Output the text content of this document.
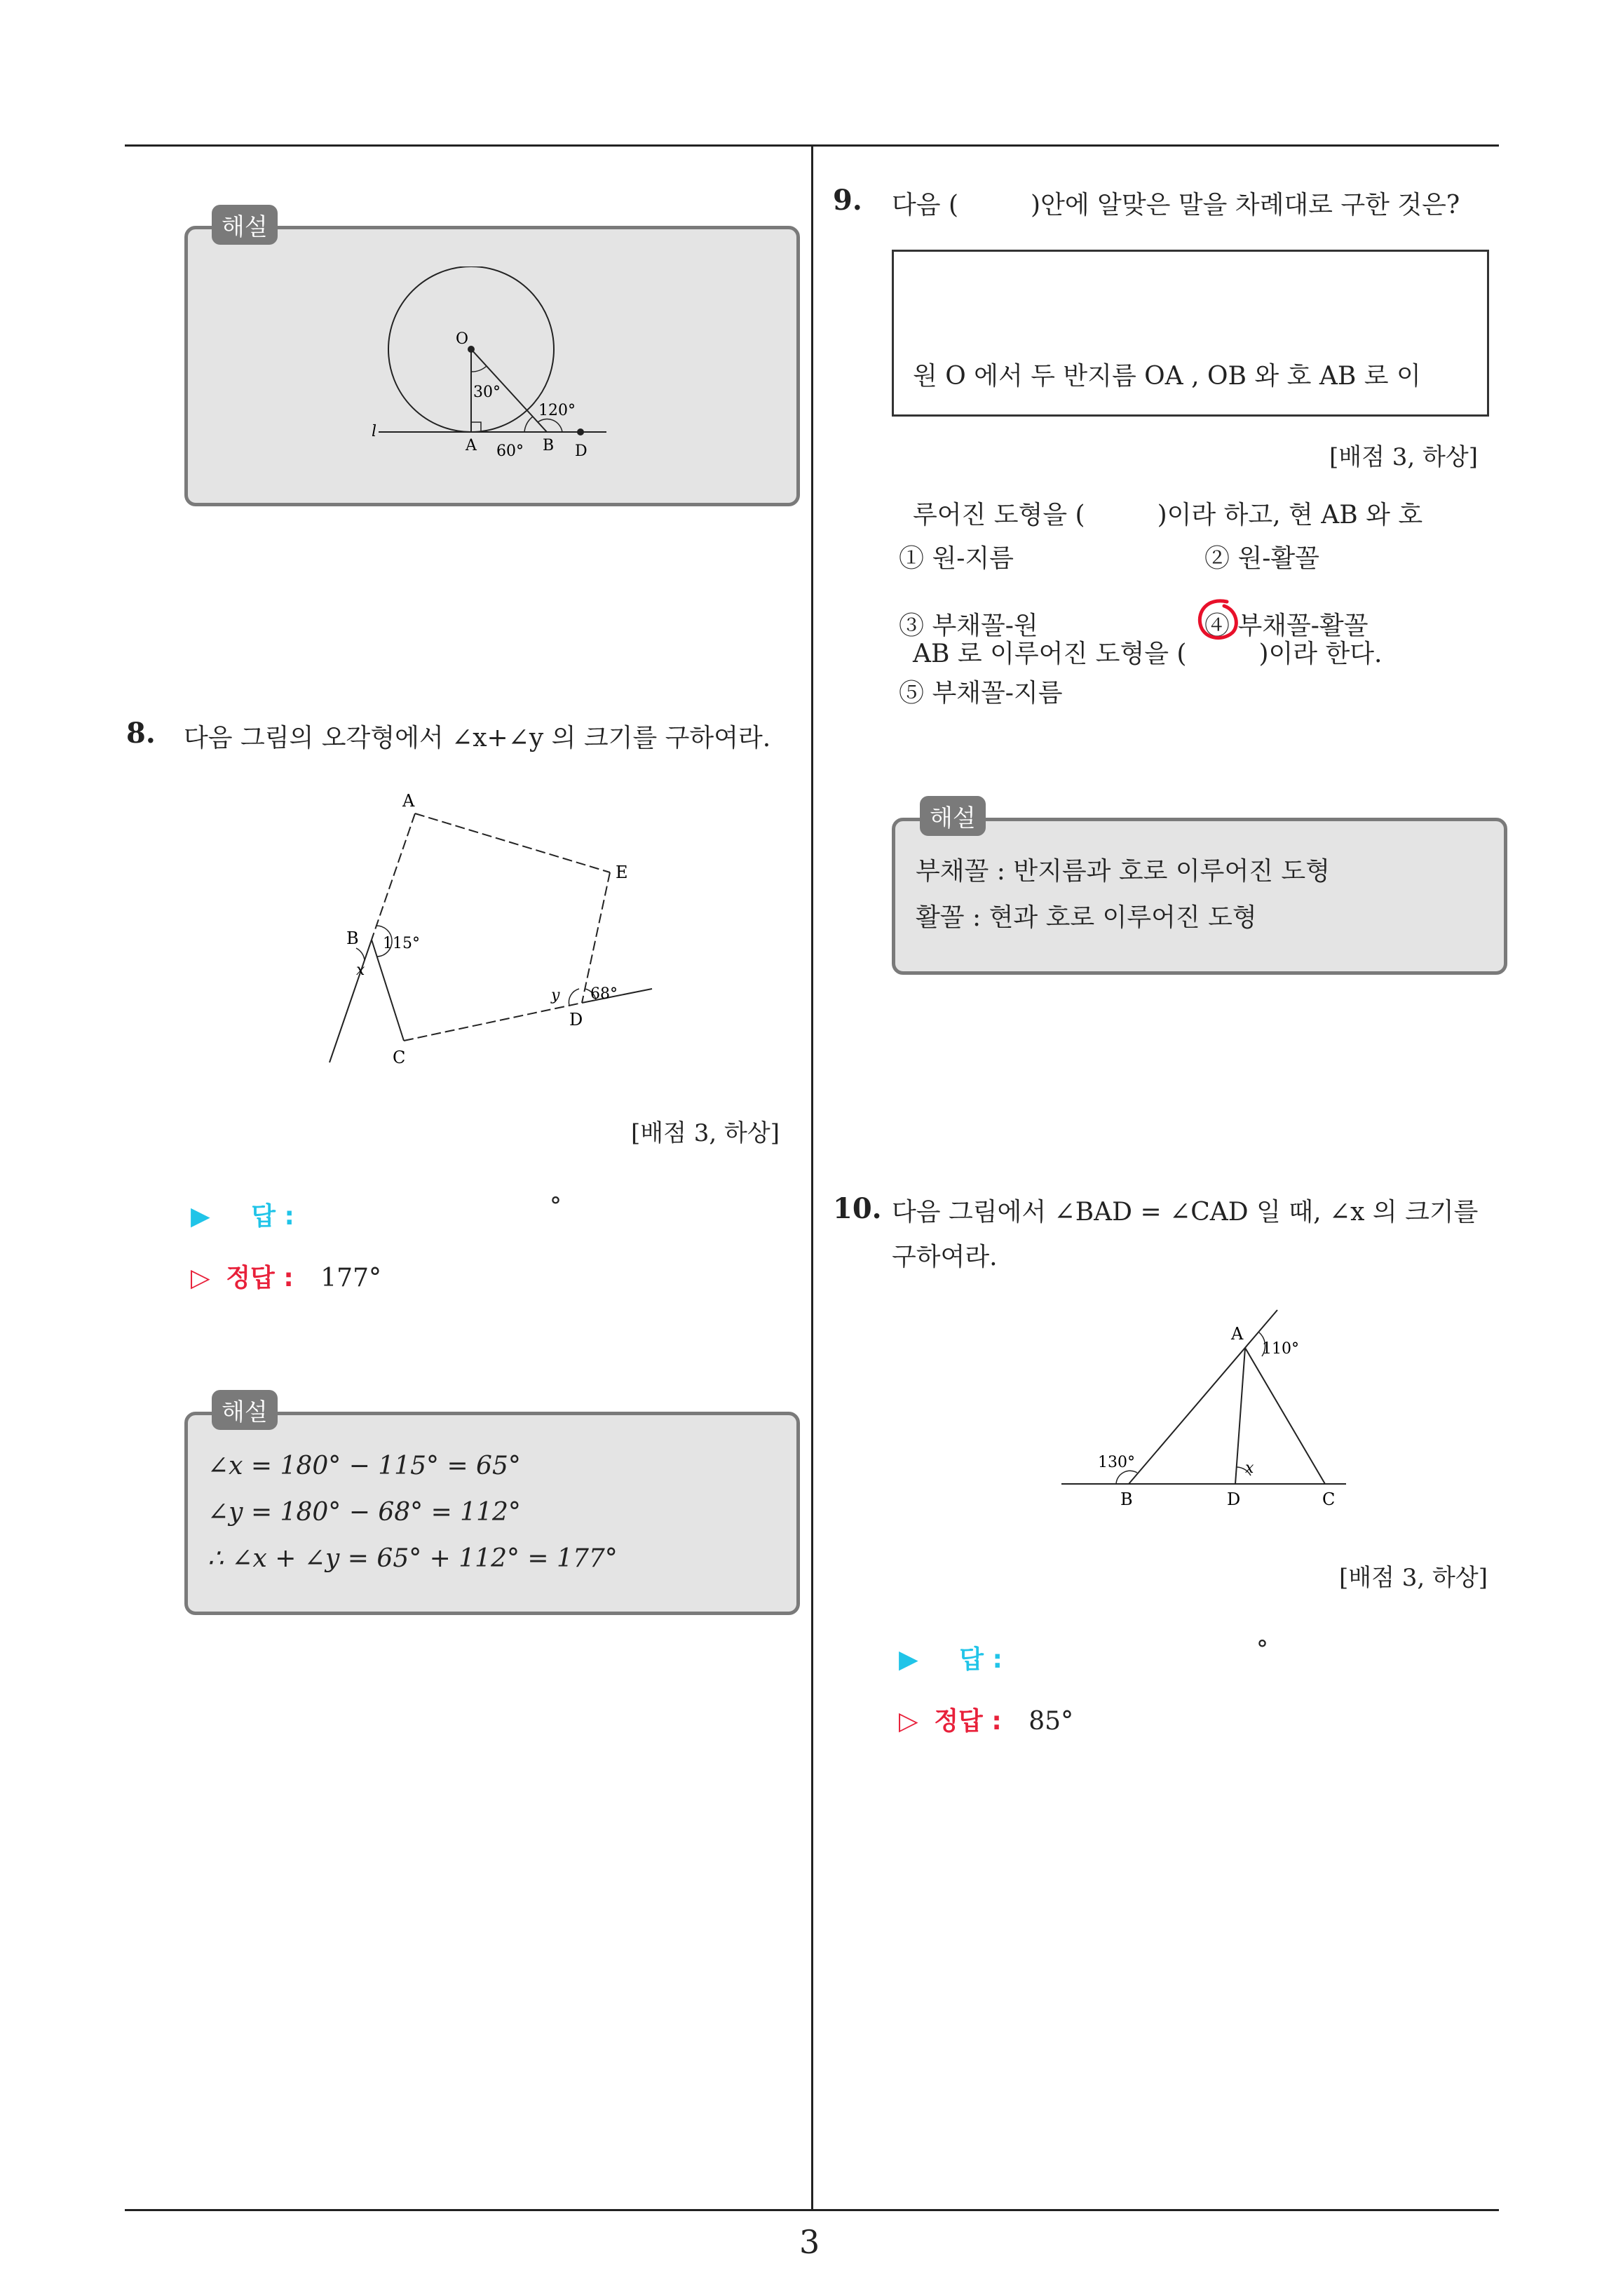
3
해설
O
30°
120°
l
A 60° B D
8. 다음 그림의 오각형에서 ∠x+∠y 의 크기를 구하여라.
A
E
B 115°
x
y 68°
D
C
[배점 3, 하상]
▶ 답 :	°
▷ 정답 : 177°
해설
∠x = 180° − 115° = 65°
∠y = 180° − 68° = 112°
∴ ∠x + ∠y = 65° + 112° = 177°
9. 다음 (         )안에 알맞은 말을 차례대로 구한 것은?

원 O 에서 두 반지름 OA , OB 와 호 AB 로 이

루어진 도형을 (         )이라 하고, 현 AB 와 호

AB 로 이루어진 도형을 (         )이라 한다.

[배점 3, 하상]
① 원-지름	② 원-활꼴
③ 부채꼴-원	④ 부채꼴-활꼴
⑤ 부채꼴-지름
해설
부채꼴 : 반지름과 호로 이루어진 도형
활꼴 : 현과 호로 이루어진 도형
10. 다음 그림에서 ∠BAD = ∠CAD 일 때, ∠x 의 크기를
구하여라.
A
110°
130°	x
B	D	C
[배점 3, 하상]
▶ 답 :	°
▷ 정답 : 85°
